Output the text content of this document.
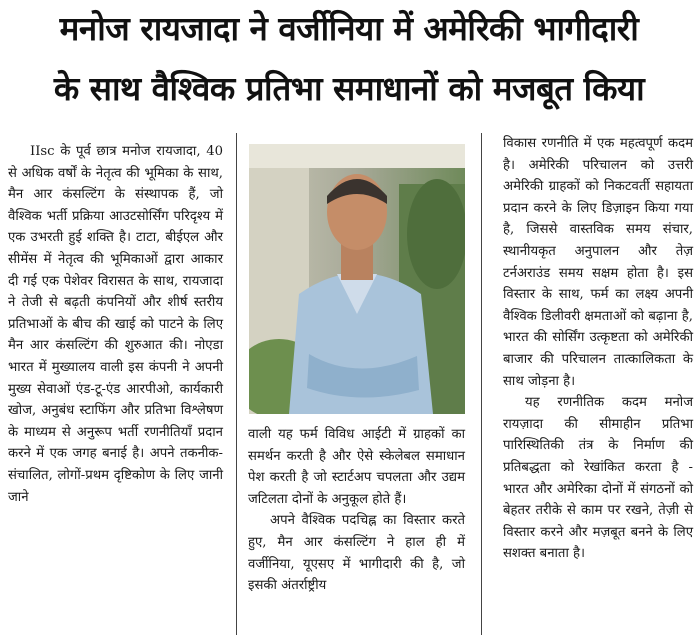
मनोज रायजादा ने वर्जीनिया में अमेरिकी भागीदारी
के साथ वैश्विक प्रतिभा समाधानों को मजबूत किया

IIsc के पूर्व छात्र मनोज रायजादा, 40 से अधिक वर्षों के नेतृत्व की भूमिका के साथ, मैन आर कंसल्टिंग के संस्थापक हैं, जो वैश्विक भर्ती प्रक्रिया आउटसोर्सिंग परिदृश्य में एक उभरती हुई शक्ति है। टाटा, बीईएल और सीमेंस में नेतृत्व की भूमिकाओं द्वारा आकार दी गई एक पेशेवर विरासत के साथ, रायजादा ने तेजी से बढ़ती कंपनियों और शीर्ष स्तरीय प्रतिभाओं के बीच की खाई को पाटने के लिए मैन आर कंसल्टिंग की शुरुआत की। नोएडा भारत में मुख्यालय वाली इस कंपनी ने अपनी मुख्य सेवाओं एंड-टू-एंड आरपीओ, कार्यकारी खोज, अनुबंध स्टाफिंग और प्रतिभा विश्लेषण के माध्यम से अनुरूप भर्ती रणनीतियाँ प्रदान करने में एक जगह बनाई है। अपने तकनीक-संचालित, लोगों-प्रथम दृष्टिकोण के लिए जानी जाने

वाली यह फर्म विविध आईटी में ग्राहकों का समर्थन करती है और ऐसे स्केलेबल समाधान पेश करती है जो स्टार्टअप चपलता और उद्यम जटिलता दोनों के अनुकूल होते हैं।

अपने वैश्विक पदचिह्न का विस्तार करते हुए, मैन आर कंसल्टिंग ने हाल ही में वर्जीनिया, यूएसए में भागीदारी की है, जो इसकी अंतर्राष्ट्रीय

विकास रणनीति में एक महत्वपूर्ण कदम है। अमेरिकी परिचालन को उत्तरी अमेरिकी ग्राहकों को निकटवर्ती सहायता प्रदान करने के लिए डिज़ाइन किया गया है, जिससे वास्तविक समय संचार, स्थानीयकृत अनुपालन और तेज़ टर्नअराउंड समय सक्षम होता है। इस विस्तार के साथ, फर्म का लक्ष्य अपनी वैश्विक डिलीवरी क्षमताओं को बढ़ाना है, भारत की सोर्सिंग उत्कृष्टता को अमेरिकी बाजार की परिचालन तात्कालिकता के साथ जोड़ना है।

यह रणनीतिक कदम मनोज रायज़ादा की सीमाहीन प्रतिभा पारिस्थितिकी तंत्र के निर्माण की प्रतिबद्धता को रेखांकित करता है - भारत और अमेरिका दोनों में संगठनों को बेहतर तरीके से काम पर रखने, तेज़ी से विस्तार करने और मज़बूत बनने के लिए सशक्त बनाता है।
